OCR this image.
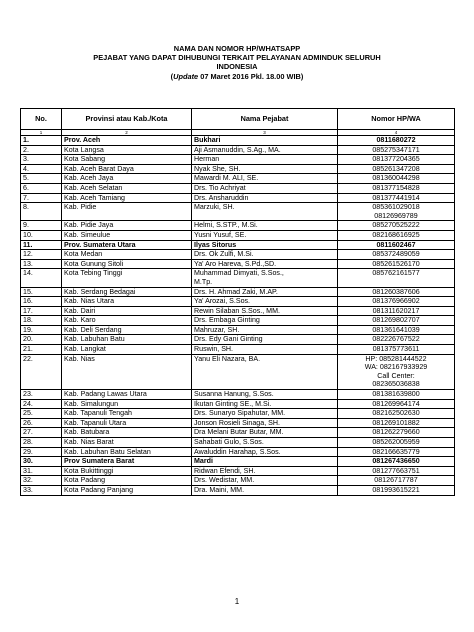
NAMA DAN NOMOR HP/WHATSAPP
PEJABAT YANG DAPAT DIHUBUNGI TERKAIT PELAYANAN ADMINDUK SELURUH
INDONESIA
(Update 07 Maret 2016 Pkl. 18.00 WIB)
No.	Provinsi atau Kab./Kota	Nama Pejabat	Nomor HP/WA
1	2	3	4
1.	Prov. Aceh	Bukhari	0811680272

2.	Kota Langsa	Aji Asmanuddin, S.Ag., MA.	085275347171

3.	Kota Sabang	Herman	081377204365

4.	Kab. Aceh Barat Daya	Nyak She, SH.	085261347208

5.	Kab. Aceh Jaya	Mawardi M. ALI, SE.	081360044298

6.	Kab. Aceh Selatan	Drs. Tio Achriyat	081377154828

7.	Kab. Aceh Tamiang	Drs. Ansharuddin	081377441914

8.	Kab. Pidie	Marzuki, SH.	085361029018
08126969789

9.	Kab. Pidie Jaya	Helmi, S.STP., M.Si.	085270525222

10.	Kab. Simeulue	Yusni Yusuf, SE.	082168616925

11.	Prov. Sumatera Utara	Ilyas Sitorus	0811602467

12.	Kota Medan	Drs. Ok Zulfi, M.Si.	085372489059

13.	Kota Gunung Sitoli	Ya' Aro Hareva, S.Pd.,SD.	085261526170

14.	Kota Tebing Tinggi	Muhammad Dimyati, S.Sos.,
M.Tp.	085762161577

15.	Kab. Serdang Bedagai	Drs. H. Ahmad Zaki, M.AP.	081260387606

16.	Kab. Nias Utara	Ya' Arozai, S.Sos.	081376966902

17.	Kab. Dairi	Rewin Silaban S.Sos., MM.	081311620217

18.	Kab. Karo	Drs. Embaga Ginting	081269802707

19.	Kab. Deli Serdang	Mahruzar, SH.	081361641039

20.	Kab. Labuhan Batu	Drs. Edy Gani Ginting	082226767522

21.	Kab. Langkat	Ruswin, SH.	081375773611

22.	Kab. Nias	Yanu Eli Nazara, BA.	HP: 085281444522
WA: 082167933929
Call Center:
082365036838

23.	Kab. Padang Lawas Utara	Susanna Hanung, S.Sos.	081381639800

24.	Kab. Simalungun	Ikutan Ginting SE., M.Si.	081269964174

25.	Kab. Tapanuli Tengah	Drs. Sunaryo Sipahutar, MM.	082162502630

26.	Kab. Tapanuli Utara	Jonson Rosieli Sinaga, SH.	081269101882

27.	Kab. Batubara	Dra Melani Butar Butar, MM.	081262279660

28.	Kab. Nias Barat	Sahabati Gulo, S.Sos.	085262005959

29.	Kab. Labuhan Batu Selatan	Awaluddin Harahap, S.Sos.	082166635779

30.	Prov Sumatera Barat	Mardi	081267436650

31.	Kota Bukittinggi	Ridwan Efendi, SH.	081277663751

32.	Kota Padang	Drs. Wedistar, MM.	08126717787

33.	Kota Padang Panjang	Dra. Maini, MM.	081993615221
1
